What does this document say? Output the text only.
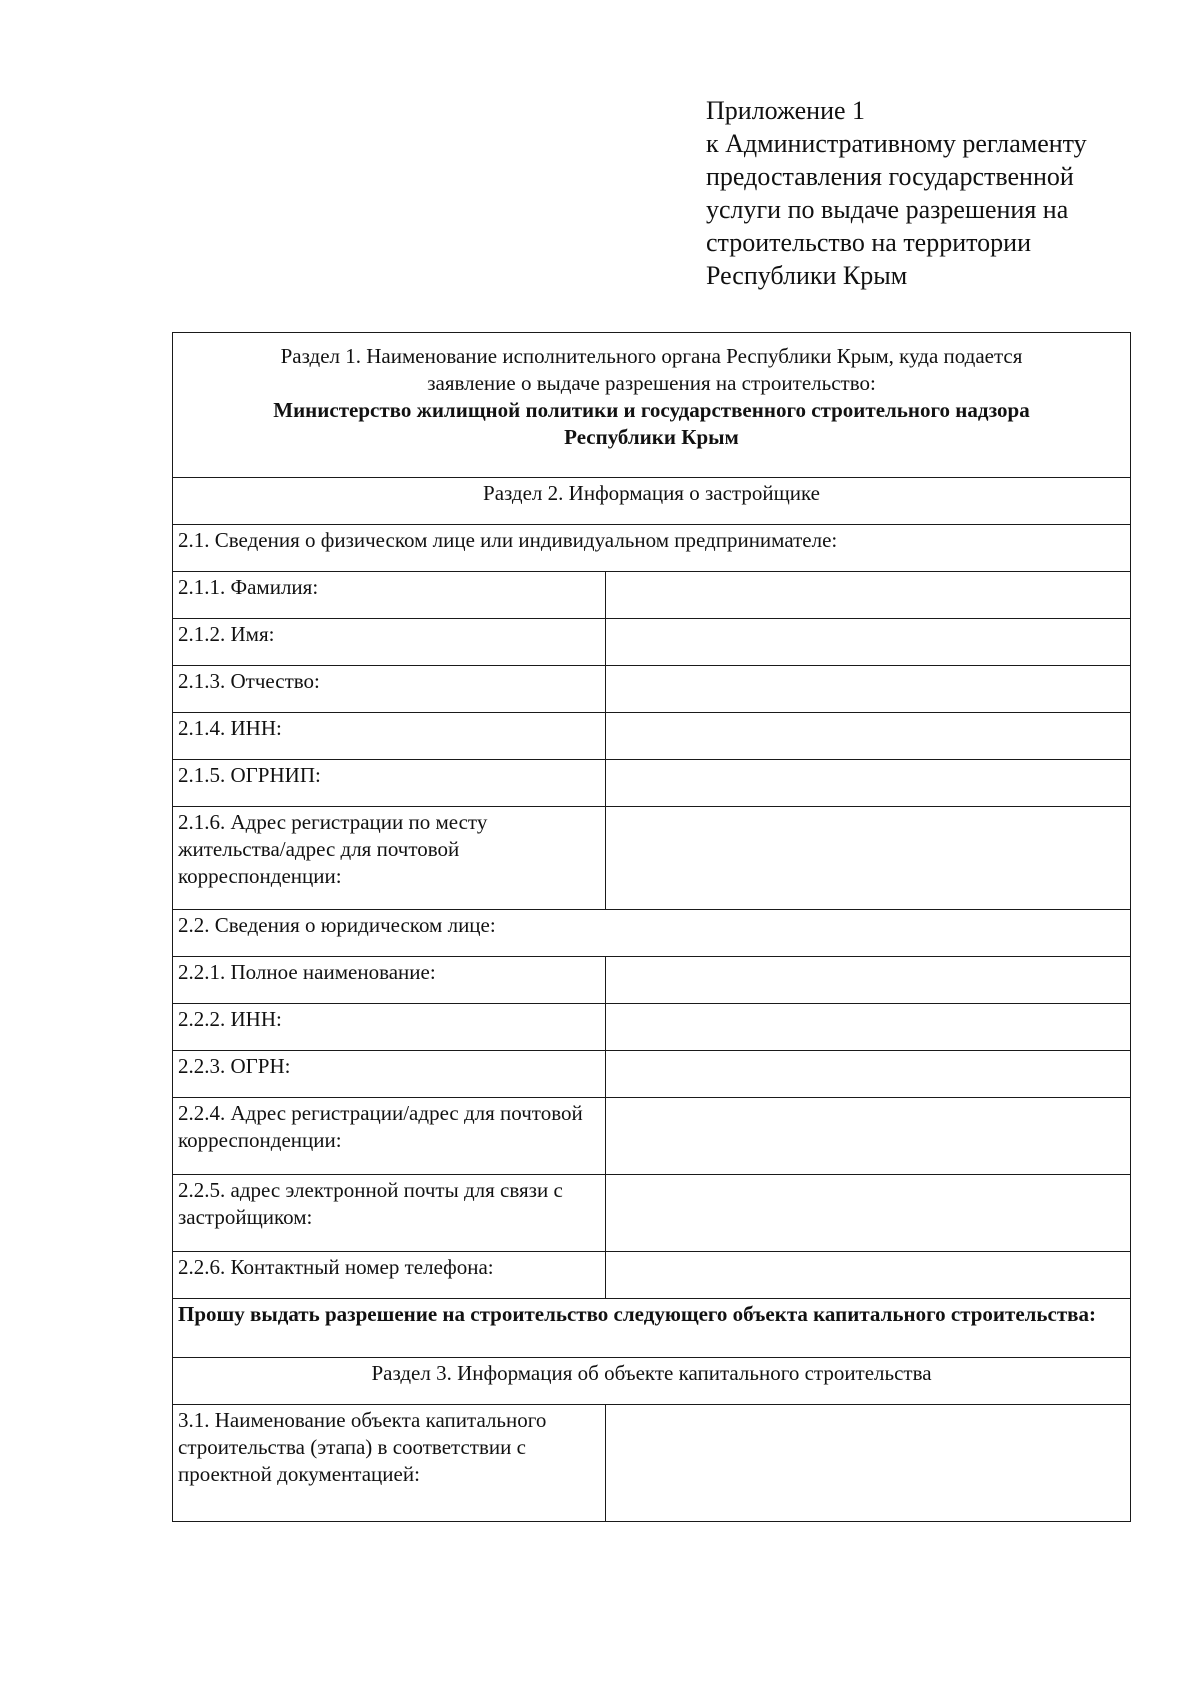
Приложение 1
к Административному регламенту
предоставления государственной
услуги по выдаче разрешения на
строительство на территории
Республики Крым
Раздел 1. Наименование исполнительного органа Республики Крым, куда подается
заявление о выдаче разрешения на строительство:
Министерство жилищной политики и государственного строительного надзора
Республики Крым	

Раздел 2. Информация о застройщике	
2.1. Сведения о физическом лице или индивидуальном предпринимателе:	
2.1.1. Фамилия:	

2.1.2. Имя:	

2.1.3. Отчество:	

2.1.4. ИНН:	

2.1.5. ОГРНИП:	

2.1.6. Адрес регистрации по месту жительства/адрес для почтовой корреспонденции:	

2.2. Сведения о юридическом лице:	
2.2.1. Полное наименование:	

2.2.2. ИНН:	

2.2.3. ОГРН:	

2.2.4. Адрес регистрации/адрес для почтовой корреспонденции:	

2.2.5. адрес электронной почты для связи с застройщиком:	

2.2.6. Контактный номер телефона:	

Прошу выдать разрешение на строительство следующего объекта капитального строительства:	
Раздел 3. Информация об объекте капитального строительства	
3.1. Наименование объекта капитального строительства (этапа) в соответствии с проектной документацией:	
